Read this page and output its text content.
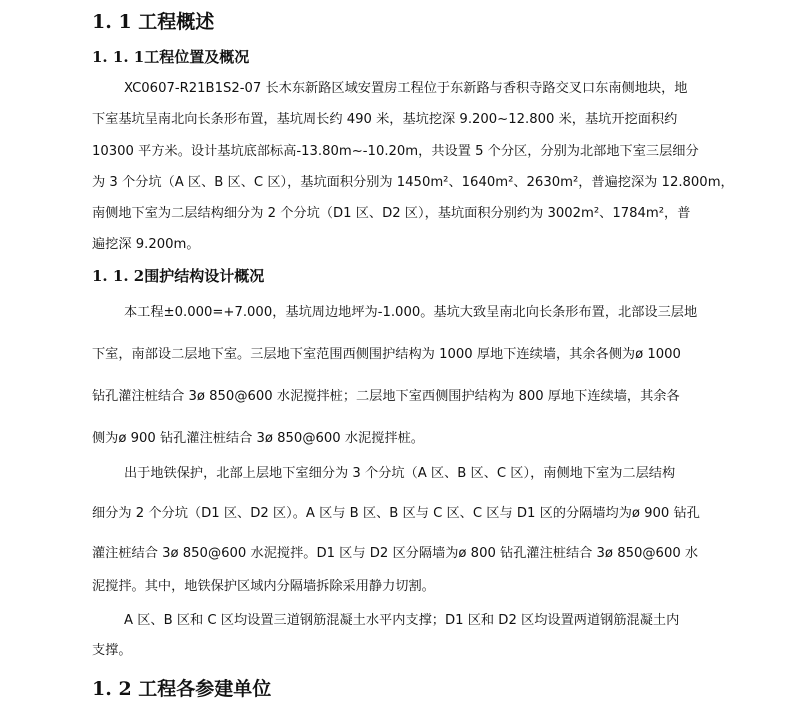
1. 1 工程概述
1. 1. 1工程位置及概况
XC0607-R21B1S2-07 长木东新路区域安置房工程位于东新路与香积寺路交叉口东南侧地块，地
下室基坑呈南北向长条形布置，基坑周长约 490 米，基坑挖深 9.200~12.800 米，基坑开挖面积约
10300 平方米。设计基坑底部标高-13.80m~-10.20m，共设置 5 个分区，分别为北部地下室三层细分
为 3 个分坑（A 区、B 区、C 区），基坑面积分别为 1450m²、1640m²、2630m²，普遍挖深为 12.800m，
南侧地下室为二层结构细分为 2 个分坑（D1 区、D2 区），基坑面积分别约为 3002m²、1784m²，普
遍挖深 9.200m。
1. 1. 2围护结构设计概况
本工程±0.000=+7.000，基坑周边地坪为-1.000。基坑大致呈南北向长条形布置，北部设三层地
下室，南部设二层地下室。三层地下室范围西侧围护结构为 1000 厚地下连续墙，其余各侧为ø 1000
钻孔灌注桩结合 3ø 850@600 水泥搅拌桩；二层地下室西侧围护结构为 800 厚地下连续墙，其余各
侧为ø 900 钻孔灌注桩结合 3ø 850@600 水泥搅拌桩。
出于地铁保护，北部上层地下室细分为 3 个分坑（A 区、B 区、C 区），南侧地下室为二层结构
细分为 2 个分坑（D1 区、D2 区）。A 区与 B 区、B 区与 C 区、C 区与 D1 区的分隔墙均为ø 900 钻孔
灌注桩结合 3ø 850@600 水泥搅拌。D1 区与 D2 区分隔墙为ø 800 钻孔灌注桩结合 3ø 850@600 水
泥搅拌。其中，地铁保护区域内分隔墙拆除采用静力切割。
A 区、B 区和 C 区均设置三道钢筋混凝土水平内支撑；D1 区和 D2 区均设置两道钢筋混凝土内
支撑。
1. 2 工程各参建单位
